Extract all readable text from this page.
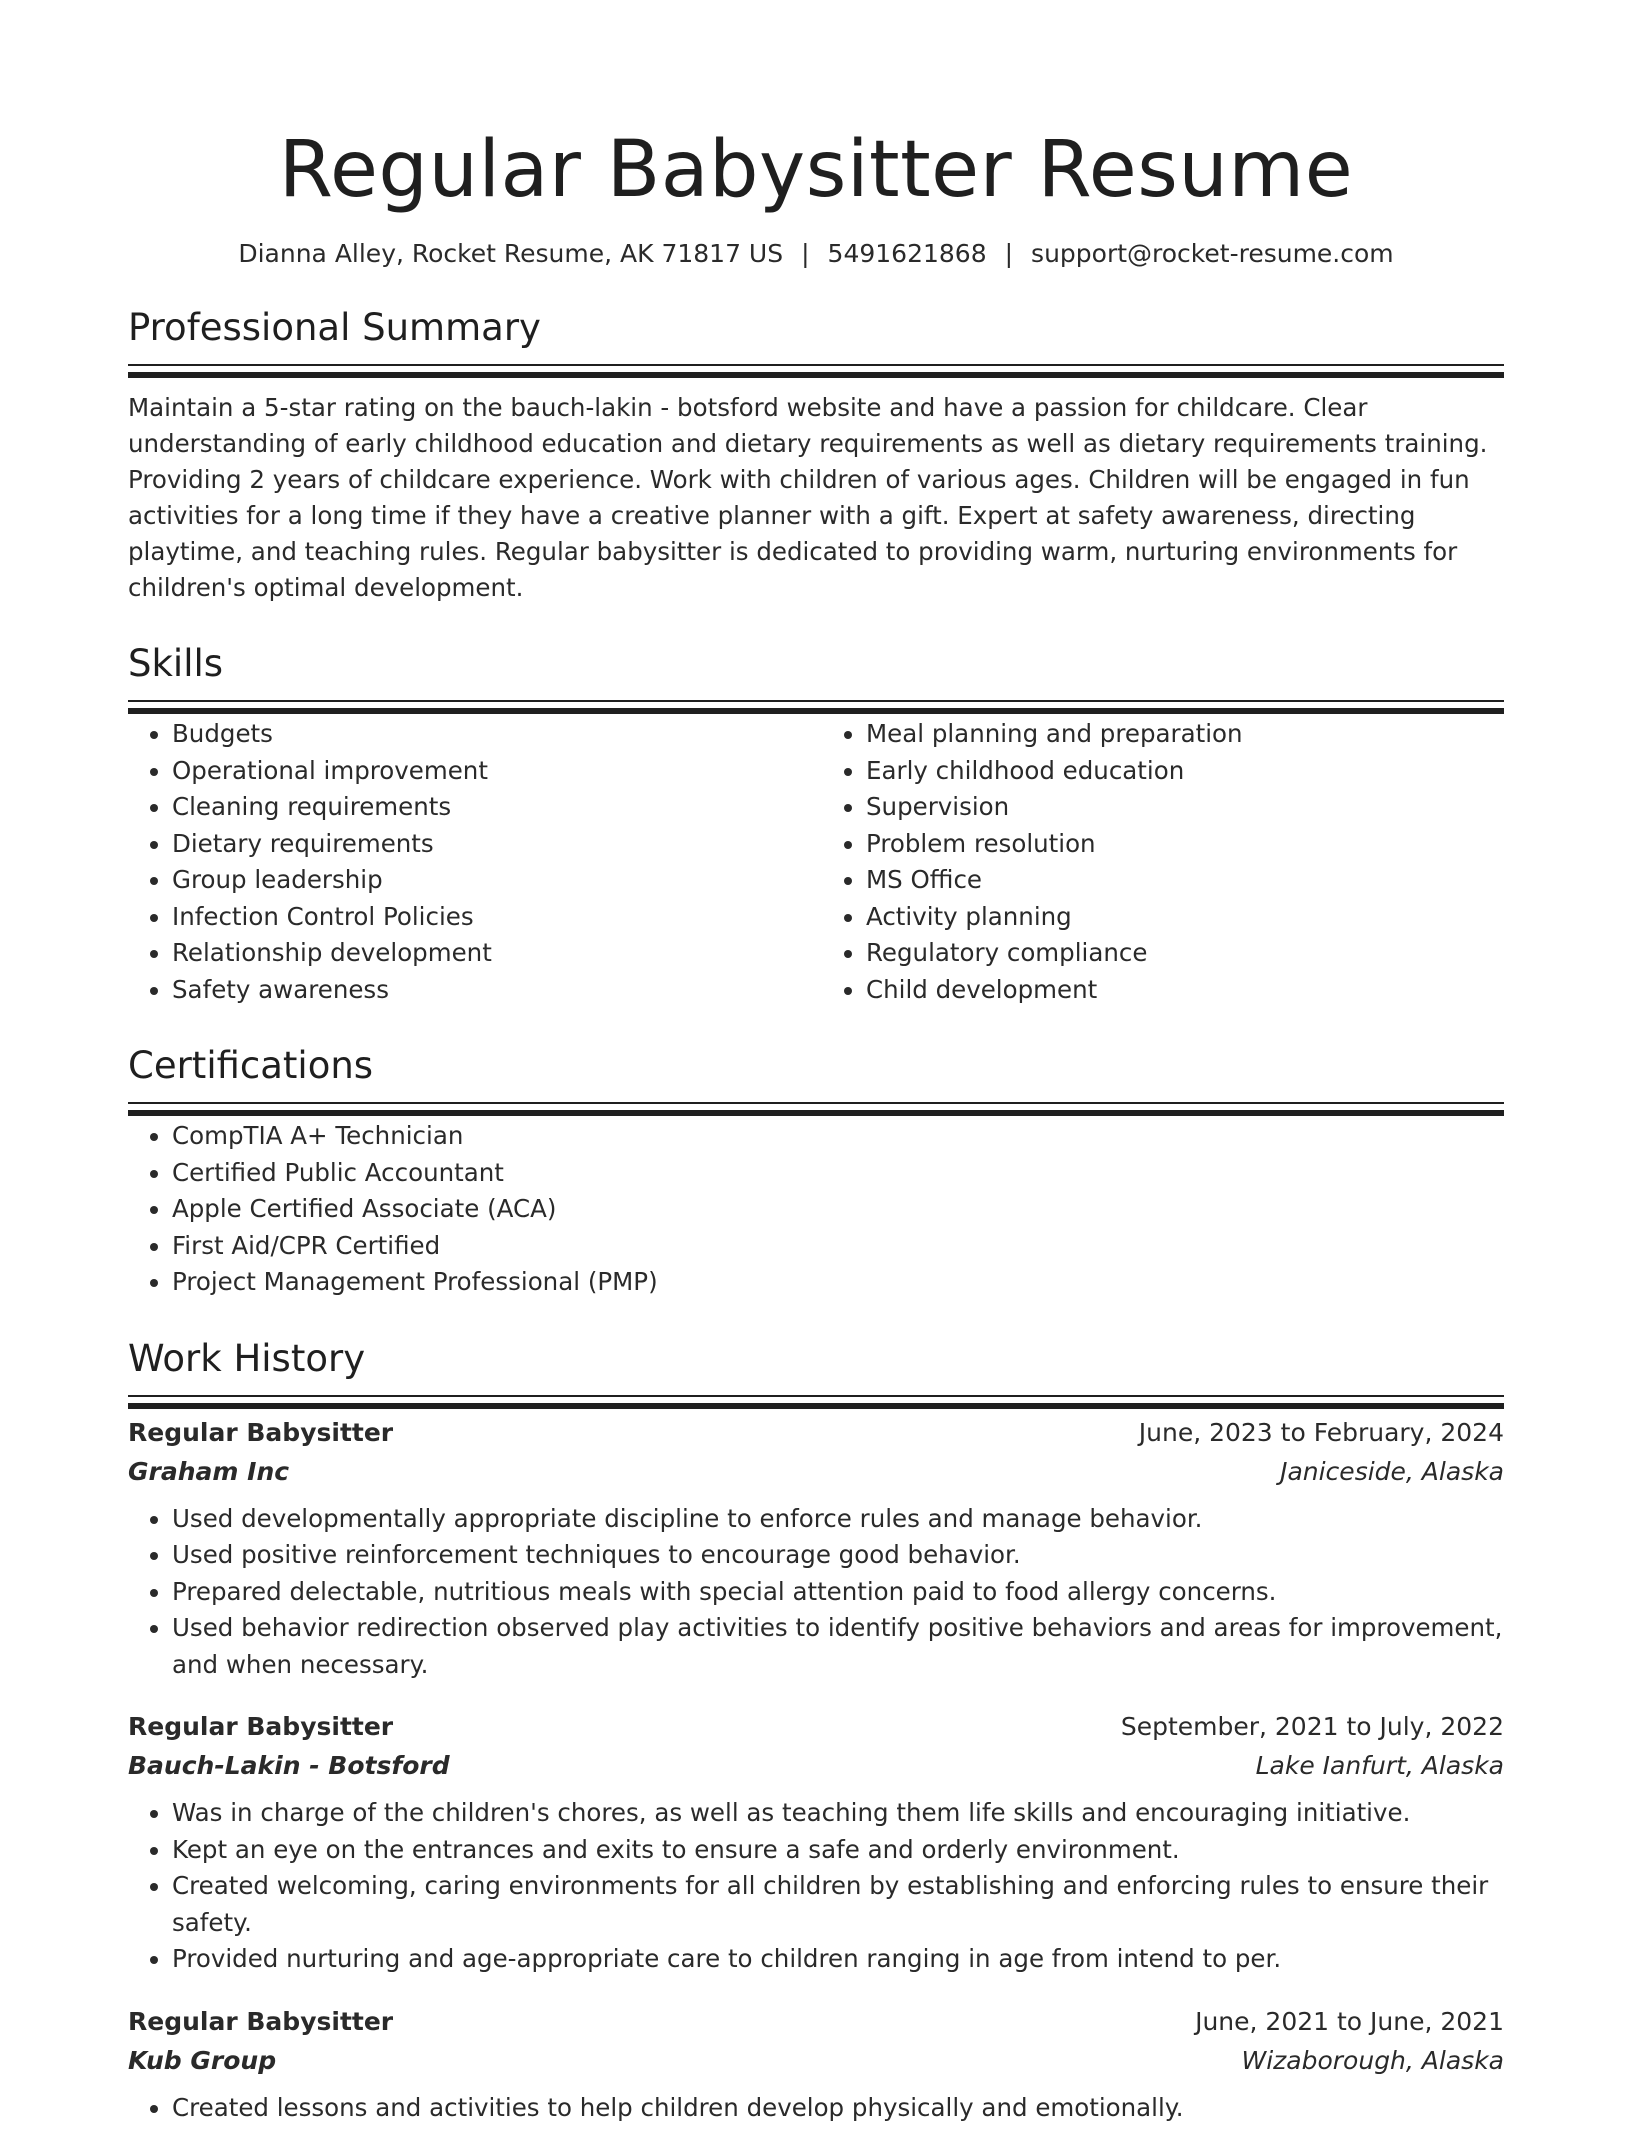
Regular Babysitter Resume
Dianna Alley, Rocket Resume, AK 71817 US | 5491621868 | support@rocket-resume.com
Professional Summary

Maintain a 5-star rating on the bauch-lakin - botsford website and have a passion for childcare. Clear understanding of early childhood education and dietary requirements as well as dietary requirements training. Providing 2 years of childcare experience. Work with children of various ages. Children will be engaged in fun activities for a long time if they have a creative planner with a gift. Expert at safety awareness, directing playtime, and teaching rules. Regular babysitter is dedicated to providing warm, nurturing environments for children's optimal development.

Skills
• Budgets
• Operational improvement
• Cleaning requirements
• Dietary requirements
• Group leadership
• Infection Control Policies
• Relationship development
• Safety awareness
• Meal planning and preparation
• Early childhood education
• Supervision
• Problem resolution
• MS Office
• Activity planning
• Regulatory compliance
• Child development
Certifications
• CompTIA A+ Technician
• Certified Public Accountant
• Apple Certified Associate (ACA)
• First Aid/CPR Certified
• Project Management Professional (PMP)
Work History
Regular Babysitter	June, 2023 to February, 2024
Graham Inc	Janiceside, Alaska
• Used developmentally appropriate discipline to enforce rules and manage behavior.
• Used positive reinforcement techniques to encourage good behavior.
• Prepared delectable, nutritious meals with special attention paid to food allergy concerns.
• Used behavior redirection observed play activities to identify positive behaviors and areas for improvement, and when necessary.
Regular Babysitter	September, 2021 to July, 2022
Bauch-Lakin - Botsford	Lake Ianfurt, Alaska
• Was in charge of the children's chores, as well as teaching them life skills and encouraging initiative.
• Kept an eye on the entrances and exits to ensure a safe and orderly environment.
• Created welcoming, caring environments for all children by establishing and enforcing rules to ensure their safety.
• Provided nurturing and age-appropriate care to children ranging in age from intend to per.
Regular Babysitter	June, 2021 to June, 2021
Kub Group	Wizaborough, Alaska
• Created lessons and activities to help children develop physically and emotionally.
